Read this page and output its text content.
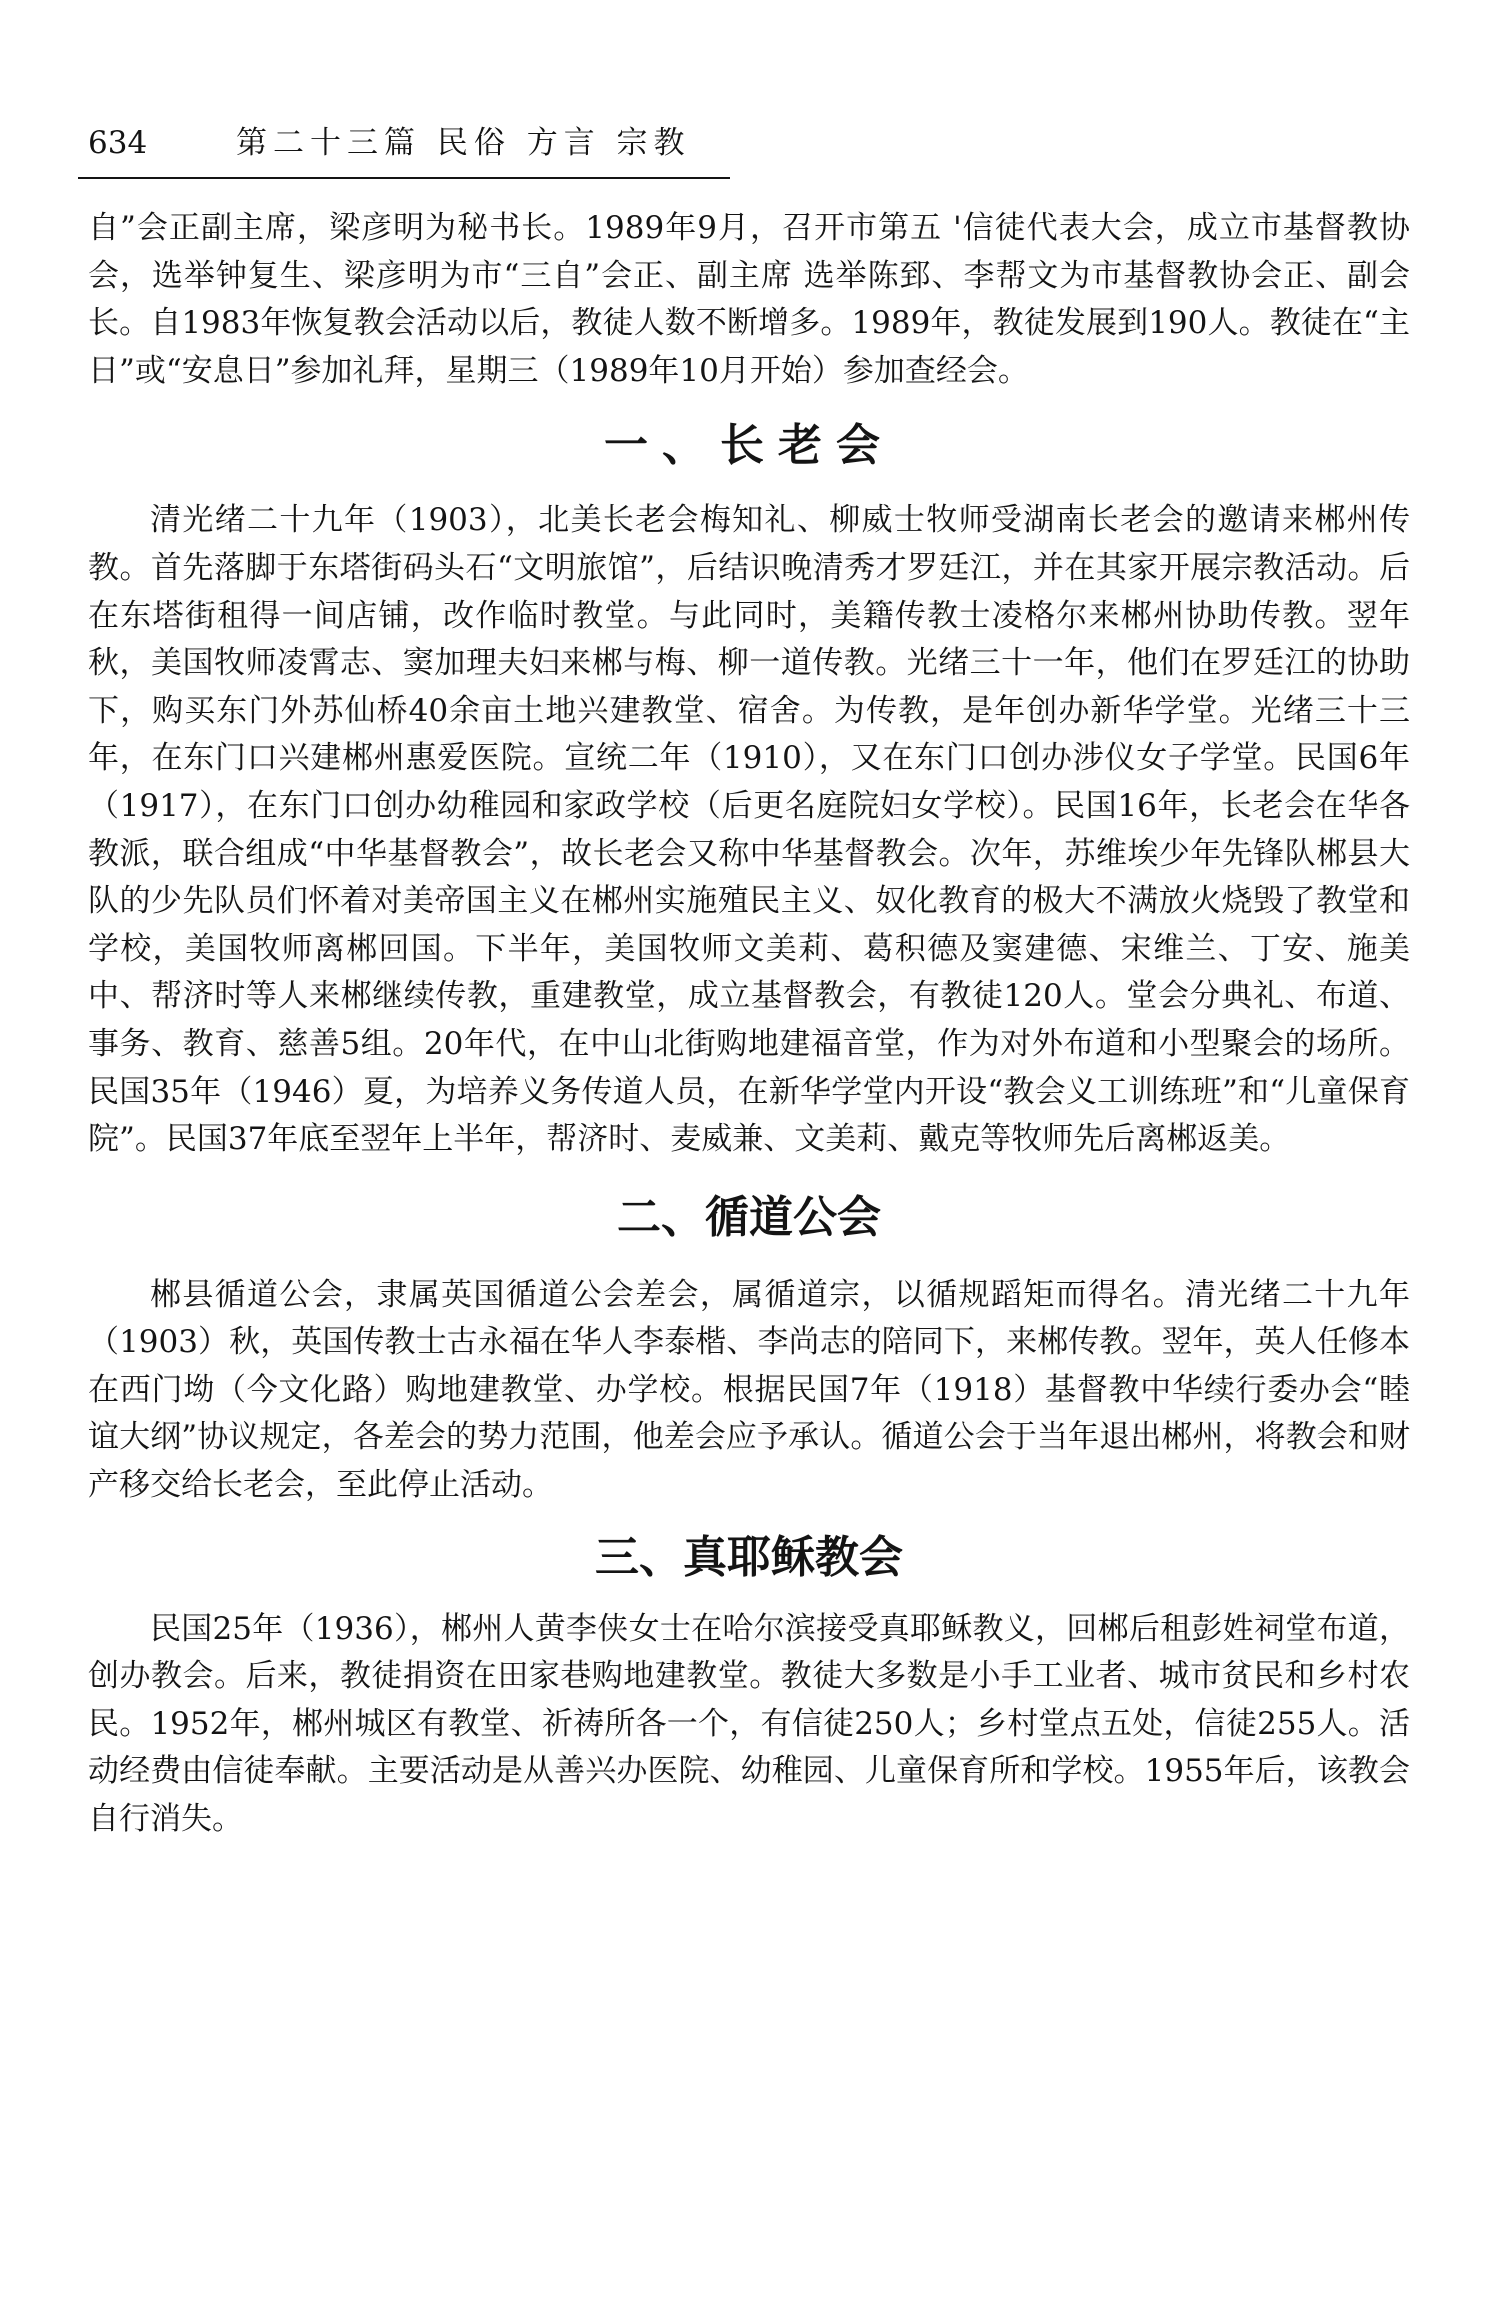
634	第二十三篇 民俗 方言 宗教

自”会正副主席，梁彦明为秘书长。1989年9月，召开市第五 '信徒代表大会，成立市基督教协会，选举钟复生、梁彦明为市“三自”会正、副主席 选举陈郅、李帮文为市基督教协会正、副会长。自1983年恢复教会活动以后，教徒人数不断增多。1989年，教徒发展到190人。教徒在“主日”或“安息日”参加礼拜，星期三（1989年10月开始）参加查经会。

一、长老会

清光绪二十九年（1903），北美长老会梅知礼、柳威士牧师受湖南长老会的邀请来郴州传教。首先落脚于东塔街码头石“文明旅馆”，后结识晚清秀才罗廷江，并在其家开展宗教活动。后在东塔街租得一间店铺，改作临时教堂。与此同时，美籍传教士凌格尔来郴州协助传教。翌年秋，美国牧师凌霄志、窦加理夫妇来郴与梅、柳一道传教。光绪三十一年，他们在罗廷江的协助下，购买东门外苏仙桥40余亩土地兴建教堂、宿舍。为传教，是年创办新华学堂。光绪三十三年，在东门口兴建郴州惠爱医院。宣统二年（1910），又在东门口创办涉仪女子学堂。民国6年（1917），在东门口创办幼稚园和家政学校（后更名庭院妇女学校）。民国16年，长老会在华各教派，联合组成“中华基督教会”，故长老会又称中华基督教会。次年，苏维埃少年先锋队郴县大队的少先队员们怀着对美帝国主义在郴州实施殖民主义、奴化教育的极大不满放火烧毁了教堂和学校，美国牧师离郴回国。下半年，美国牧师文美莉、葛积德及窦建德、宋维兰、丁安、施美中、帮济时等人来郴继续传教，重建教堂，成立基督教会，有教徒120人。堂会分典礼、布道、事务、教育、慈善5组。20年代，在中山北街购地建福音堂，作为对外布道和小型聚会的场所。民国35年（1946）夏，为培养义务传道人员，在新华学堂内开设“教会义工训练班”和“儿童保育院”。民国37年底至翌年上半年，帮济时、麦威兼、文美莉、戴克等牧师先后离郴返美。

二、循道公会

郴县循道公会，隶属英国循道公会差会，属循道宗，以循规蹈矩而得名。清光绪二十九年（1903）秋，英国传教士古永福在华人李泰楷、李尚志的陪同下，来郴传教。翌年，英人任修本在西门坳（今文化路）购地建教堂、办学校。根据民国7年（1918）基督教中华续行委办会“睦谊大纲”协议规定，各差会的势力范围，他差会应予承认。循道公会于当年退出郴州，将教会和财产移交给长老会，至此停止活动。

三、真耶稣教会

民国25年（1936），郴州人黄李侠女士在哈尔滨接受真耶稣教义，回郴后租彭姓祠堂布道，创办教会。后来，教徒捐资在田家巷购地建教堂。教徒大多数是小手工业者、城市贫民和乡村农民。1952年，郴州城区有教堂、祈祷所各一个，有信徒250人；乡村堂点五处，信徒255人。活动经费由信徒奉献。主要活动是从善兴办医院、幼稚园、儿童保育所和学校。1955年后，该教会自行消失。
